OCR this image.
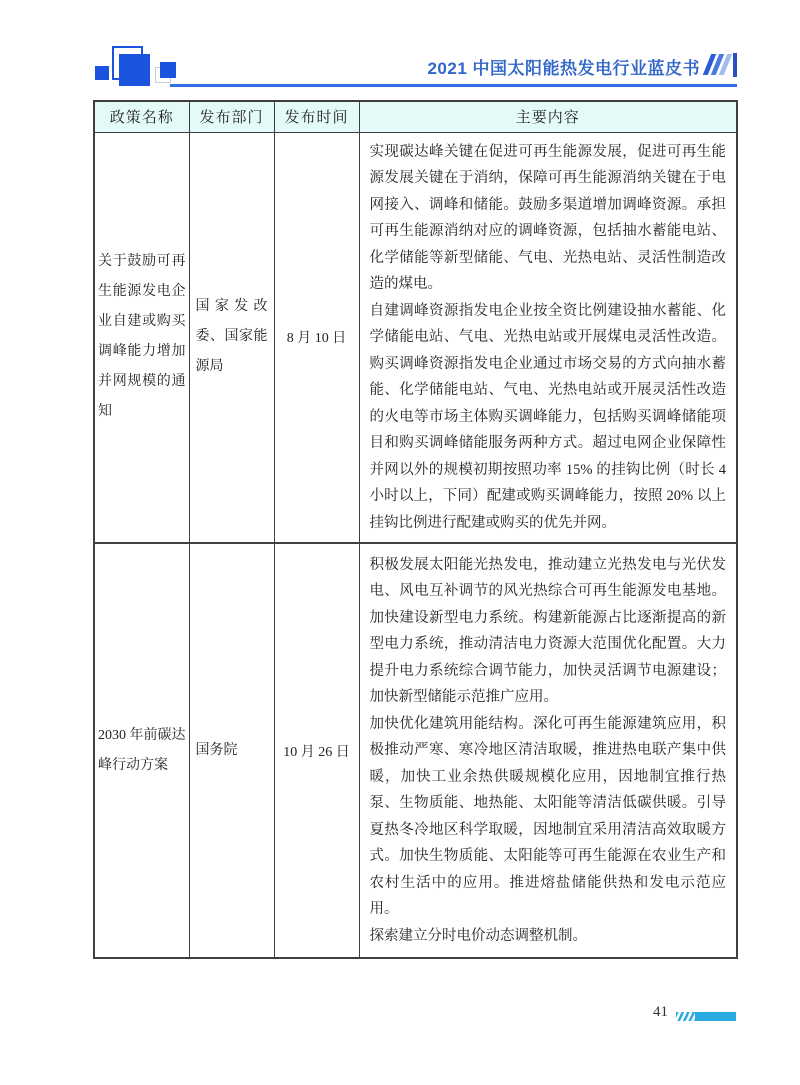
2021 中国太阳能热发电行业蓝皮书
政策名称	发布部门	发布时间	主要内容
关于鼓励可再生能源发电企业自建或购买调峰能力增加并网规模的通知	国家发改委、国家能源局	8 月 10 日	实现碳达峰关键在促进可再生能源发展，促进可再生能源发展关键在于消纳，保障可再生能源消纳关键在于电网接入、调峰和储能。鼓励多渠道增加调峰资源。承担可再生能源消纳对应的调峰资源，包括抽水蓄能电站、化学储能等新型储能、气电、光热电站、灵活性制造改造的煤电。

自建调峰资源指发电企业按全资比例建设抽水蓄能、化学储能电站、气电、光热电站或开展煤电灵活性改造。购买调峰资源指发电企业通过市场交易的方式向抽水蓄能、化学储能电站、气电、光热电站或开展灵活性改造的火电等市场主体购买调峰能力，包括购买调峰储能项目和购买调峰储能服务两种方式。超过电网企业保障性并网以外的规模初期按照功率 15% 的挂钩比例（时长 4 小时以上，下同）配建或购买调峰能力，按照 20% 以上挂钩比例进行配建或购买的优先并网。

2030 年前碳达峰行动方案	国务院	10 月 26 日	积极发展太阳能光热发电，推动建立光热发电与光伏发电、风电互补调节的风光热综合可再生能源发电基地。加快建设新型电力系统。构建新能源占比逐渐提高的新型电力系统，推动清洁电力资源大范围优化配置。大力提升电力系统综合调节能力，加快灵活调节电源建设；加快新型储能示范推广应用。

加快优化建筑用能结构。深化可再生能源建筑应用，积极推动严寒、寒冷地区清洁取暖，推进热电联产集中供暖，加快工业余热供暖规模化应用，因地制宜推行热泵、生物质能、地热能、太阳能等清洁低碳供暖。引导夏热冬冷地区科学取暖，因地制宜采用清洁高效取暖方式。加快生物质能、太阳能等可再生能源在农业生产和农村生活中的应用。推进熔盐储能供热和发电示范应用。

探索建立分时电价动态调整机制。

41
